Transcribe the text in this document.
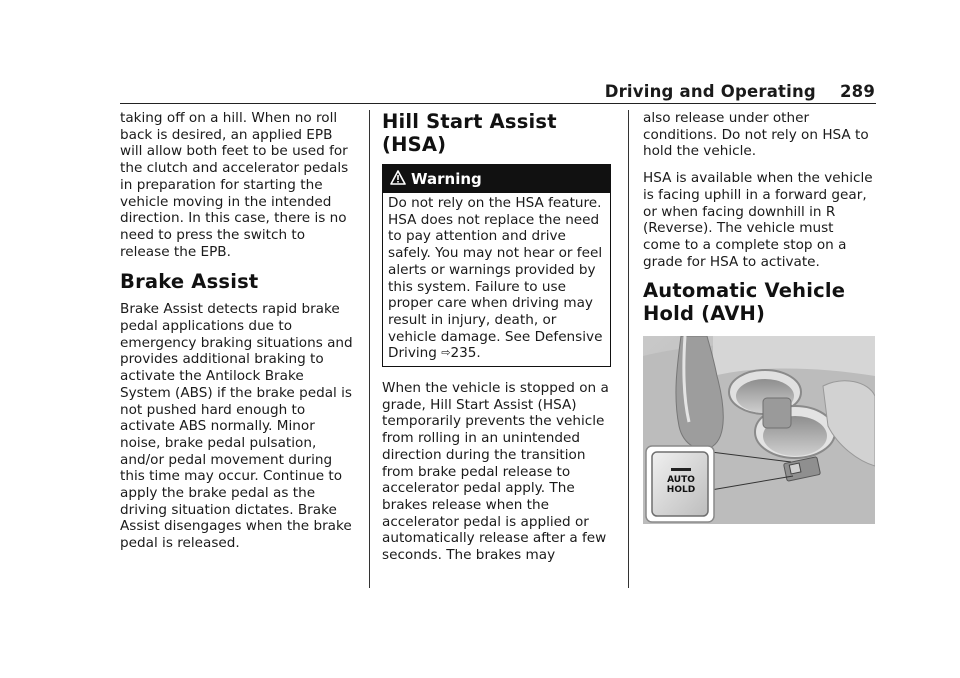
Driving and Operating 289

taking off on a hill. When no roll back is desired, an applied EPB will allow both feet to be used for the clutch and accelerator pedals in preparation for starting the vehicle moving in the intended direction. In this case, there is no need to press the switch to release the EPB.

Brake Assist

Brake Assist detects rapid brake pedal applications due to emergency braking situations and provides additional braking to activate the Antilock Brake System (ABS) if the brake pedal is not pushed hard enough to activate ABS normally. Minor noise, brake pedal pulsation, and/or pedal movement during this time may occur. Continue to apply the brake pedal as the driving situation dictates. Brake Assist disengages when the brake pedal is released.

Hill Start Assist (HSA)
Warning

Do not rely on the HSA feature. HSA does not replace the need to pay attention and drive safely. You may not hear or feel alerts or warnings provided by this system. Failure to use proper care when driving may result in injury, death, or vehicle damage. See Defensive Driving ⇨235.

When the vehicle is stopped on a grade, Hill Start Assist (HSA) temporarily prevents the vehicle from rolling in an unintended direction during the transition from brake pedal release to accelerator pedal apply. The brakes release when the accelerator pedal is applied or automatically release after a few seconds. The brakes may

also release under other conditions. Do not rely on HSA to hold the vehicle.

HSA is available when the vehicle is facing uphill in a forward gear, or when facing downhill in R (Reverse). The vehicle must come to a complete stop on a grade for HSA to activate.

Automatic Vehicle Hold (AVH)
AUTO
HOLD
